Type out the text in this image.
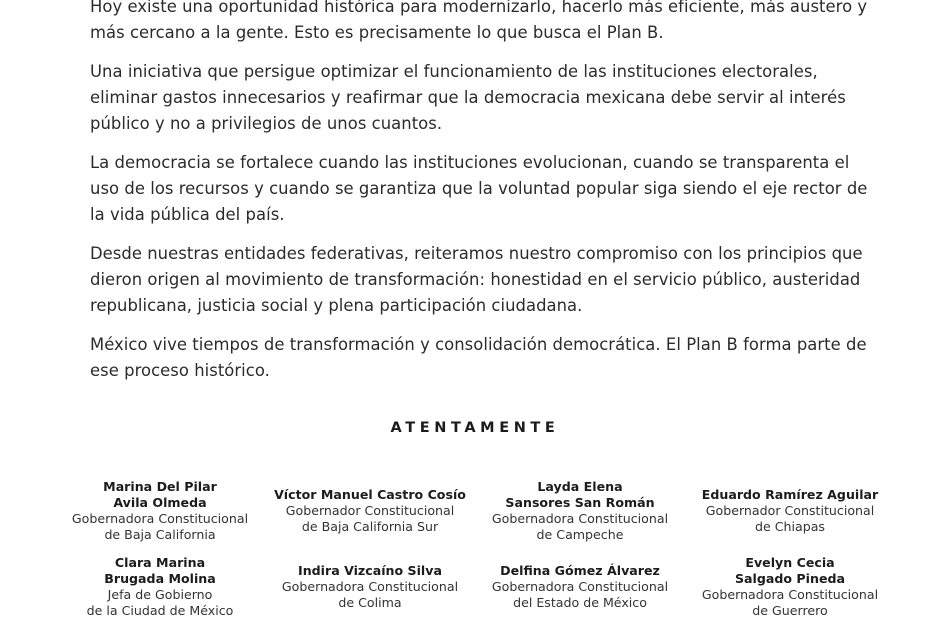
Hoy existe una oportunidad histórica para modernizarlo, hacerlo más eficiente, más austero y más cercano a la gente. Esto es precisamente lo que busca el Plan B.

Una iniciativa que persigue optimizar el funcionamiento de las instituciones electorales, eliminar gastos innecesarios y reafirmar que la democracia mexicana debe servir al interés público y no a privilegios de unos cuantos.

La democracia se fortalece cuando las instituciones evolucionan, cuando se transparenta el uso de los recursos y cuando se garantiza que la voluntad popular siga siendo el eje rector de la vida pública del país.

Desde nuestras entidades federativas, reiteramos nuestro compromiso con los principios que dieron origen al movimiento de transformación: honestidad en el servicio público, austeridad republicana, justicia social y plena participación ciudadana.

México vive tiempos de transformación y consolidación democrática. El Plan B forma parte de ese proceso histórico.

ATENTAMENTE
Marina Del Pilar
Avila Olmeda
Gobernadora Constitucional
de Baja California
Víctor Manuel Castro Cosío
Gobernador Constitucional
de Baja California Sur
Layda Elena
Sansores San Román
Gobernadora Constitucional
de Campeche
Eduardo Ramírez Aguilar
Gobernador Constitucional
de Chiapas
Clara Marina
Brugada Molina
Jefa de Gobierno
de la Ciudad de México
Indira Vizcaíno Silva
Gobernadora Constitucional
de Colima
Delfina Gómez Álvarez
Gobernadora Constitucional
del Estado de México
Evelyn Cecia
Salgado Pineda
Gobernadora Constitucional
de Guerrero
